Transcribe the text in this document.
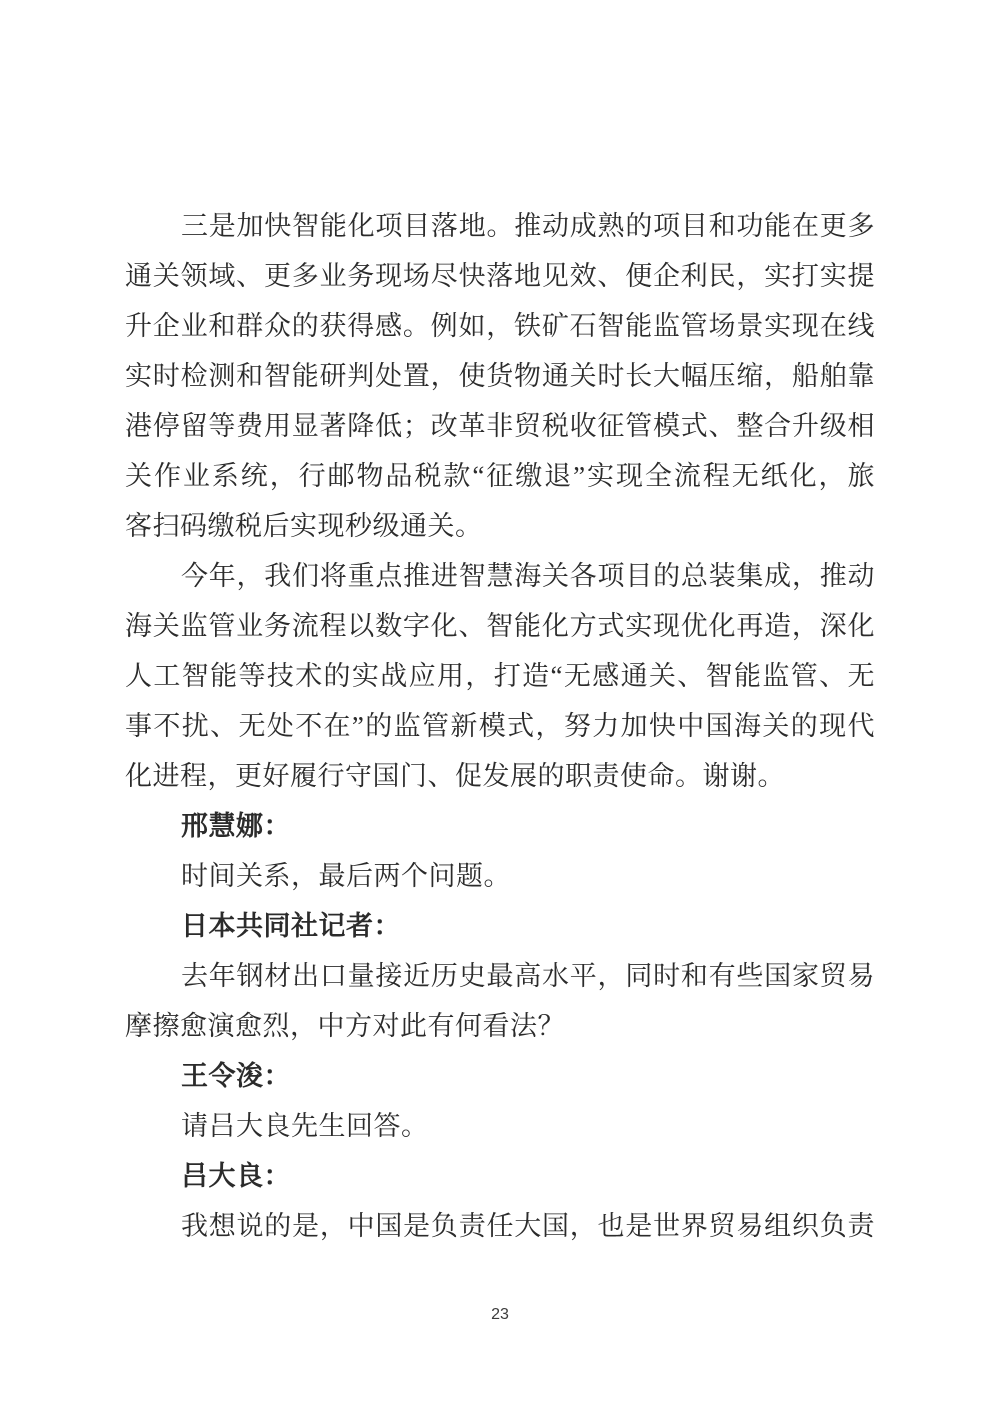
三是加快智能化项目落地。推动成熟的项目和功能在更多
通关领域、更多业务现场尽快落地见效、便企利民，实打实提
升企业和群众的获得感。例如，铁矿石智能监管场景实现在线
实时检测和智能研判处置，使货物通关时长大幅压缩，船舶靠
港停留等费用显著降低；改革非贸税收征管模式、整合升级相
关作业系统，行邮物品税款“征缴退”实现全流程无纸化，旅
客扫码缴税后实现秒级通关。
今年，我们将重点推进智慧海关各项目的总装集成，推动
海关监管业务流程以数字化、智能化方式实现优化再造，深化
人工智能等技术的实战应用，打造“无感通关、智能监管、无
事不扰、无处不在”的监管新模式，努力加快中国海关的现代
化进程，更好履行守国门、促发展的职责使命。谢谢。
邢慧娜：
时间关系，最后两个问题。
日本共同社记者：
去年钢材出口量接近历史最高水平，同时和有些国家贸易
摩擦愈演愈烈，中方对此有何看法？
王令浚：
请吕大良先生回答。
吕大良：
我想说的是，中国是负责任大国，也是世界贸易组织负责
23
